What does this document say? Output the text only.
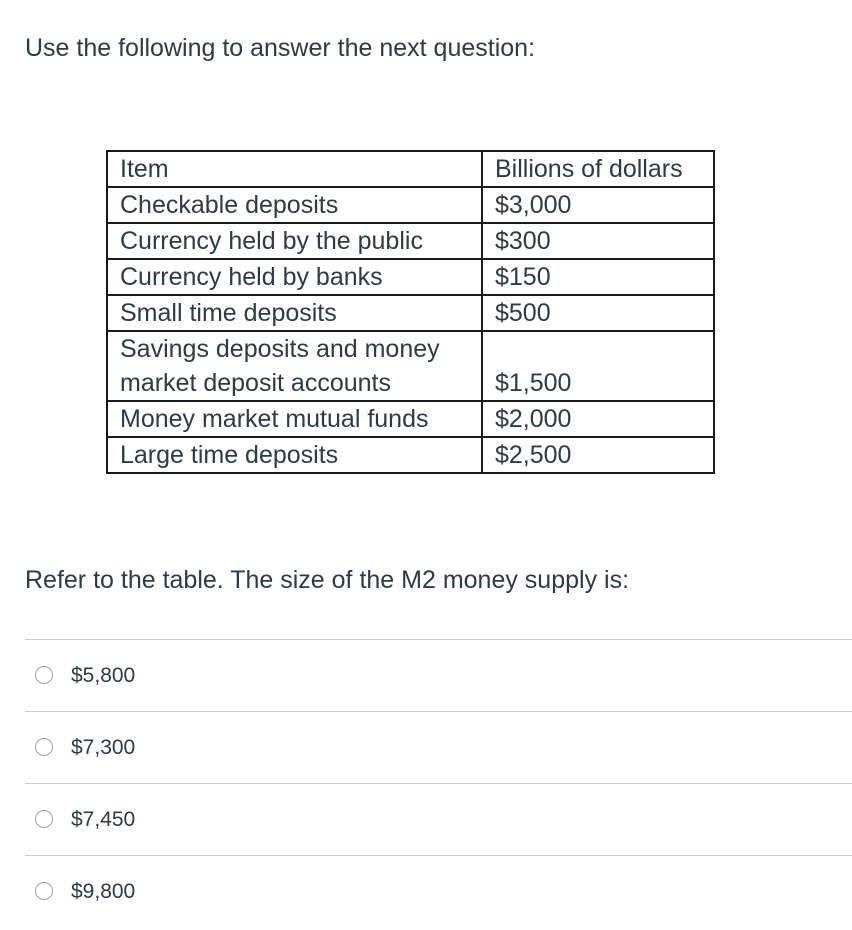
Use the following to answer the next question:
Item	Billions of dollars
Checkable deposits	$3,000
Currency held by the public	$300
Currency held by banks	$150
Small time deposits	$500
Savings deposits and money market deposit accounts	$1,500
Money market mutual funds	$2,000
Large time deposits	$2,500
Refer to the table. The size of the M2 money supply is:
$5,800
$7,300
$7,450
$9,800
